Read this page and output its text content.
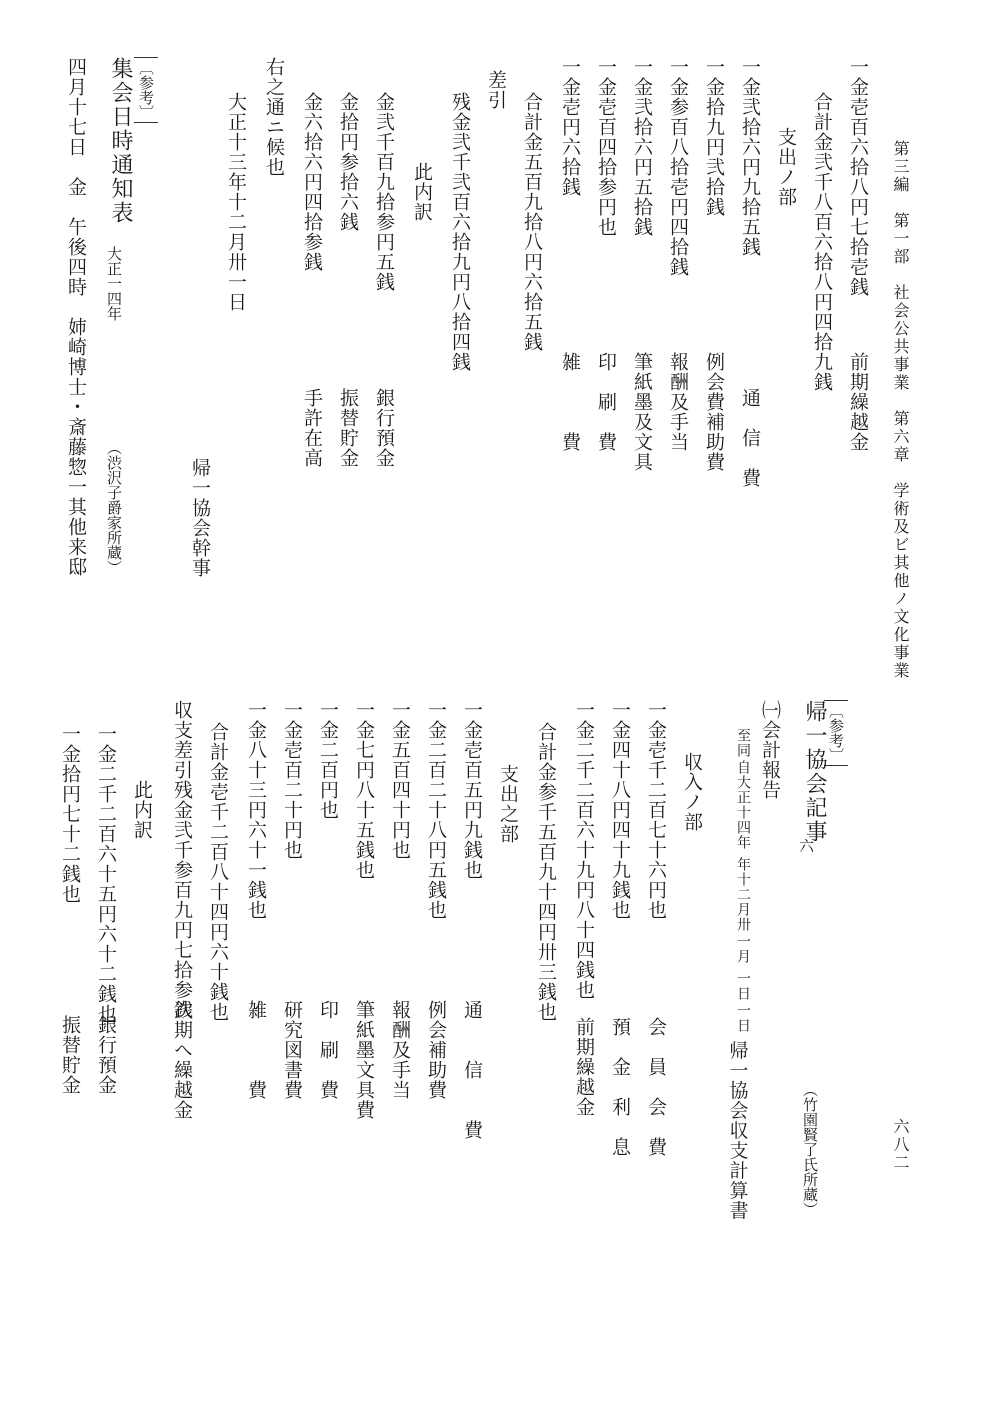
第三編　第一部　社会公共事業　第六章　学術及ビ其他ノ文化事業
六八二
一金壱百六拾八円七拾壱銭
前期繰越金
合計金弐千八百六拾八円四拾九銭
支出ノ部
一金弐拾六円九拾五銭
通　信　費
一金拾九円弐拾銭
例会費補助費
一金参百八拾壱円四拾銭
報酬及手当
一金弐拾六円五拾銭
筆紙墨及文具
一金壱百四拾参円也
印　刷　費
一金壱円六拾銭
雑　　　費
合計金五百九拾八円六拾五銭
差引
残金弐千弐百六拾九円八拾四銭
此内訳
金弐千百九拾参円五銭
銀行預金
金拾円参拾六銭
振替貯金
金六拾六円四拾参銭
手許在高
右之通ニ候也
大正十三年十二月卅一日
帰一協会幹事
〔参考〕
集会日時通知表
大正一四年
（渋沢子爵家所蔵）
四月十七日　金　午後四時　姉崎博士・斎藤惣一其他来邸
〔参考〕
（竹園賢了氏所蔵）
帰一協会記事
六
㈠会計報告
自大正十四年
至同

一月
年十二月卅

一日
一日
帰一協会収支計算書
収入ノ部
一金壱千二百七十六円也
会　員　会　費
一金四十八円四十九銭也
預　金　利　息
一金二千二百六十九円八十四銭也
前期繰越金
合計金参千五百九十四円卅三銭也
支出之部
一金壱百五円九銭也
通　　信　　費
一金二百二十八円五銭也
例会補助費
一金五百四十円也
報酬及手当
一金七円八十五銭也
筆紙墨文具費
一金二百円也
印　刷　費
一金壱百二十円也
研究図書費
一金八十三円六十一銭也
雑　　　費
合計金壱千二百八十四円六十銭也
収支差引残金弐千参百九円七拾参銭
次期へ繰越金
此内訳
一金二千二百六十五円六十二銭也
銀行預金
一金拾円七十二銭也
振替貯金
